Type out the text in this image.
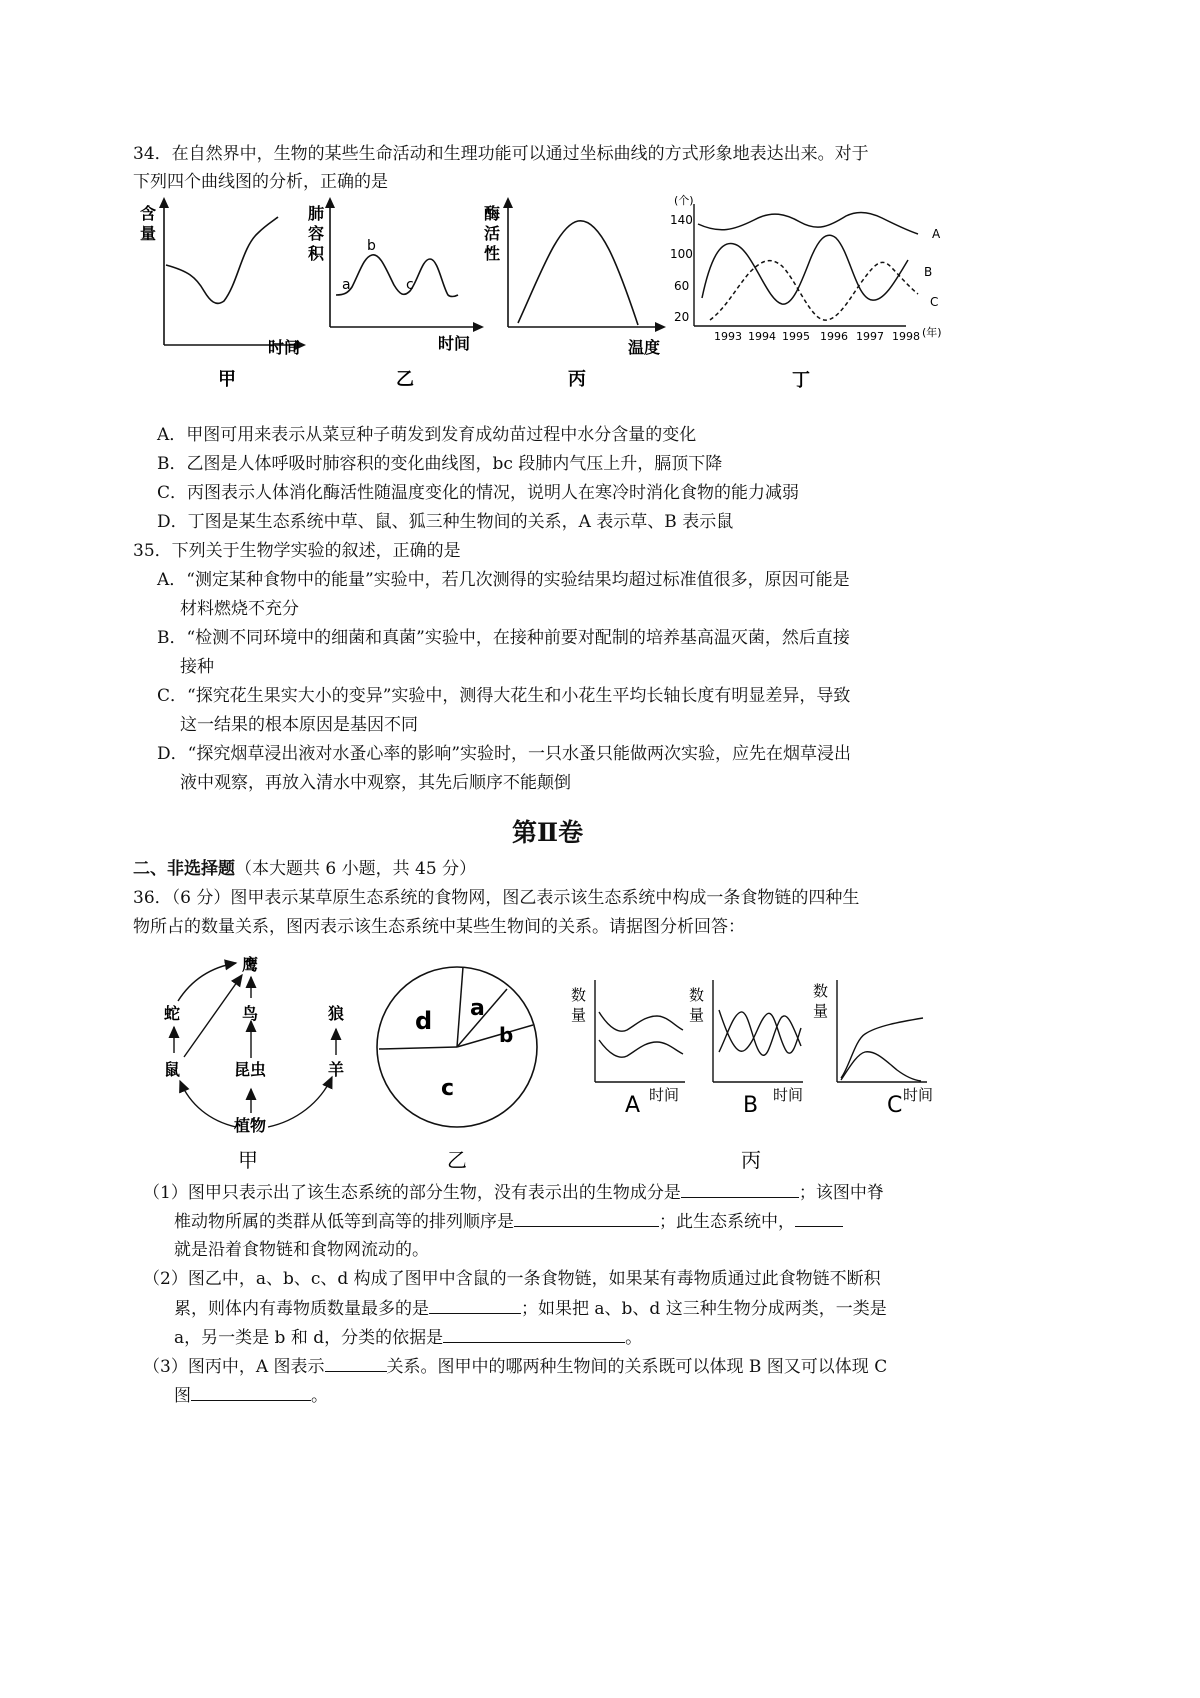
34．在自然界中，生物的某些生命活动和生理功能可以通过坐标曲线的方式形象地表达出来。对于
下列四个曲线图的分析，正确的是
含
量
时间
甲
a
b
c
肺
容
积
时间
乙
酶
活
性
温度
丙
(个)
140
100
60
20
1993 1994 1995 1996 1997 1998 (年)
A
B
C
丁
A．甲图可用来表示从菜豆种子萌发到发育成幼苗过程中水分含量的变化
B．乙图是人体呼吸时肺容积的变化曲线图，bc 段肺内气压上升，膈顶下降
C．丙图表示人体消化酶活性随温度变化的情况，说明人在寒冷时消化食物的能力减弱
D．丁图是某生态系统中草、鼠、狐三种生物间的关系，A 表示草、B 表示鼠
35．下列关于生物学实验的叙述，正确的是
A．“测定某种食物中的能量”实验中，若几次测得的实验结果均超过标准值很多，原因可能是
材料燃烧不充分
B．“检测不同环境中的细菌和真菌”实验中，在接种前要对配制的培养基高温灭菌，然后直接
接种
C．“探究花生果实大小的变异”实验中，测得大花生和小花生平均长轴长度有明显差异，导致
这一结果的根本原因是基因不同
D．“探究烟草浸出液对水蚤心率的影响”实验时，一只水蚤只能做两次实验，应先在烟草浸出
液中观察，再放入清水中观察，其先后顺序不能颠倒
第Ⅱ卷
二、非选择题（本大题共 6 小题，共 45 分）
36．（6 分）图甲表示某草原生态系统的食物网，图乙表示该生态系统中构成一条食物链的四种生
物所占的数量关系，图丙表示该生态系统中某些生物间的关系。请据图分析回答：
鹰
蛇	鸟	狼
鼠	昆虫	羊
植物
甲
d a
b
c
乙
数
量
A 时间
数
量
B 时间
数
量
C 时间
丙
（1）图甲只表示出了该生态系统的部分生物，没有表示出的生物成分是	；该图中脊
椎动物所属的类群从低等到高等的排列顺序是	；此生态系统中，
就是沿着食物链和食物网流动的。
（2）图乙中，a、b、c、d 构成了图甲中含鼠的一条食物链，如果某有毒物质通过此食物链不断积
累，则体内有毒物质数量最多的是	；如果把 a、b、d 这三种生物分成两类，一类是
a，另一类是 b 和 d，分类的依据是	。
（3）图丙中，A 图表示	关系。图甲中的哪两种生物间的关系既可以体现 B 图又可以体现 C
图	。
